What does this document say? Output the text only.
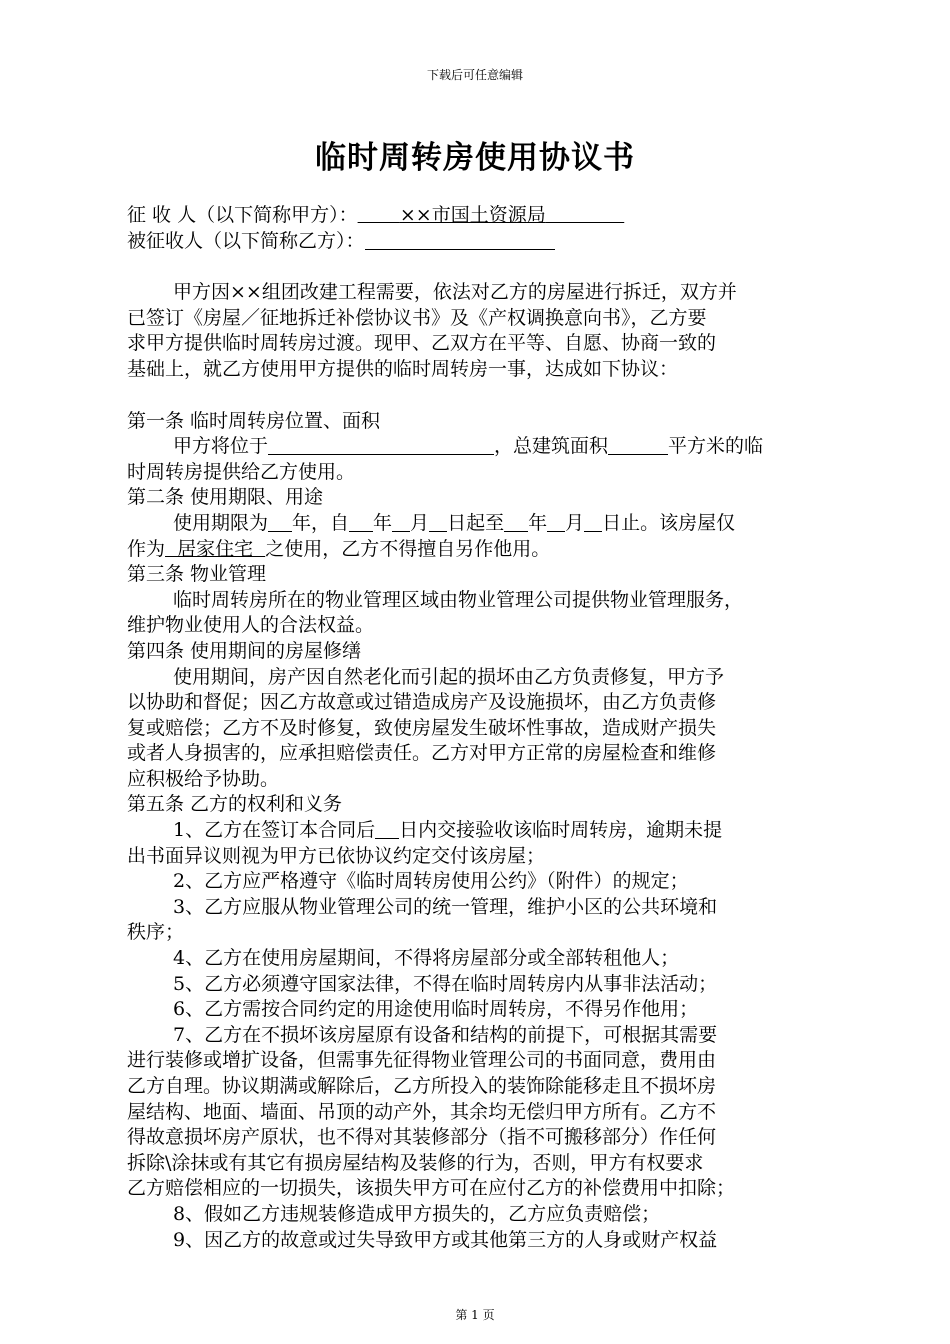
下载后可任意编辑
临时周转房使用协议书
征 收 人（以下简称甲方）： ××市国土资源局
被征收人（以下简称乙方）：
甲方因××组团改建工程需要，依法对乙方的房屋进行拆迁，双方并
已签订《房屋／征地拆迁补偿协议书》及《产权调换意向书》，乙方要
求甲方提供临时周转房过渡。现甲、乙双方在平等、自愿、协商一致的
基础上，就乙方使用甲方提供的临时周转房一事，达成如下协议：
第一条 临时周转房位置、面积
甲方将位于	，总建筑面积	平方米的临
时周转房提供给乙方使用。
第二条 使用期限、用途
使用期限为 年，自 年 月 日起至 年 月 日止。该房屋仅
作为  居家住宅  之使用，乙方不得擅自另作他用。
第三条 物业管理
临时周转房所在的物业管理区域由物业管理公司提供物业管理服务，
维护物业使用人的合法权益。
第四条 使用期间的房屋修缮
使用期间，房产因自然老化而引起的损坏由乙方负责修复，甲方予
以协助和督促；因乙方故意或过错造成房产及设施损坏，由乙方负责修
复或赔偿；乙方不及时修复，致使房屋发生破坏性事故，造成财产损失
或者人身损害的，应承担赔偿责任。乙方对甲方正常的房屋检查和维修
应积极给予协助。
第五条 乙方的权利和义务
1、乙方在签订本合同后 日内交接验收该临时周转房，逾期未提
出书面异议则视为甲方已依协议约定交付该房屋；
2、乙方应严格遵守《临时周转房使用公约》（附件）的规定；
3、乙方应服从物业管理公司的统一管理，维护小区的公共环境和
秩序；
4、乙方在使用房屋期间，不得将房屋部分或全部转租他人；
5、乙方必须遵守国家法律，不得在临时周转房内从事非法活动；
6、乙方需按合同约定的用途使用临时周转房，不得另作他用；
7、乙方在不损坏该房屋原有设备和结构的前提下，可根据其需要
进行装修或增扩设备，但需事先征得物业管理公司的书面同意，费用由
乙方自理。协议期满或解除后，乙方所投入的装饰除能移走且不损坏房
屋结构、地面、墙面、吊顶的动产外，其余均无偿归甲方所有。乙方不
得故意损坏房产原状，也不得对其装修部分（指不可搬移部分）作任何
拆除\涂抹或有其它有损房屋结构及装修的行为，否则，甲方有权要求
乙方赔偿相应的一切损失，该损失甲方可在应付乙方的补偿费用中扣除；
8、假如乙方违规装修造成甲方损失的，乙方应负责赔偿；
9、因乙方的故意或过失导致甲方或其他第三方的人身或财产权益
第 1 页
